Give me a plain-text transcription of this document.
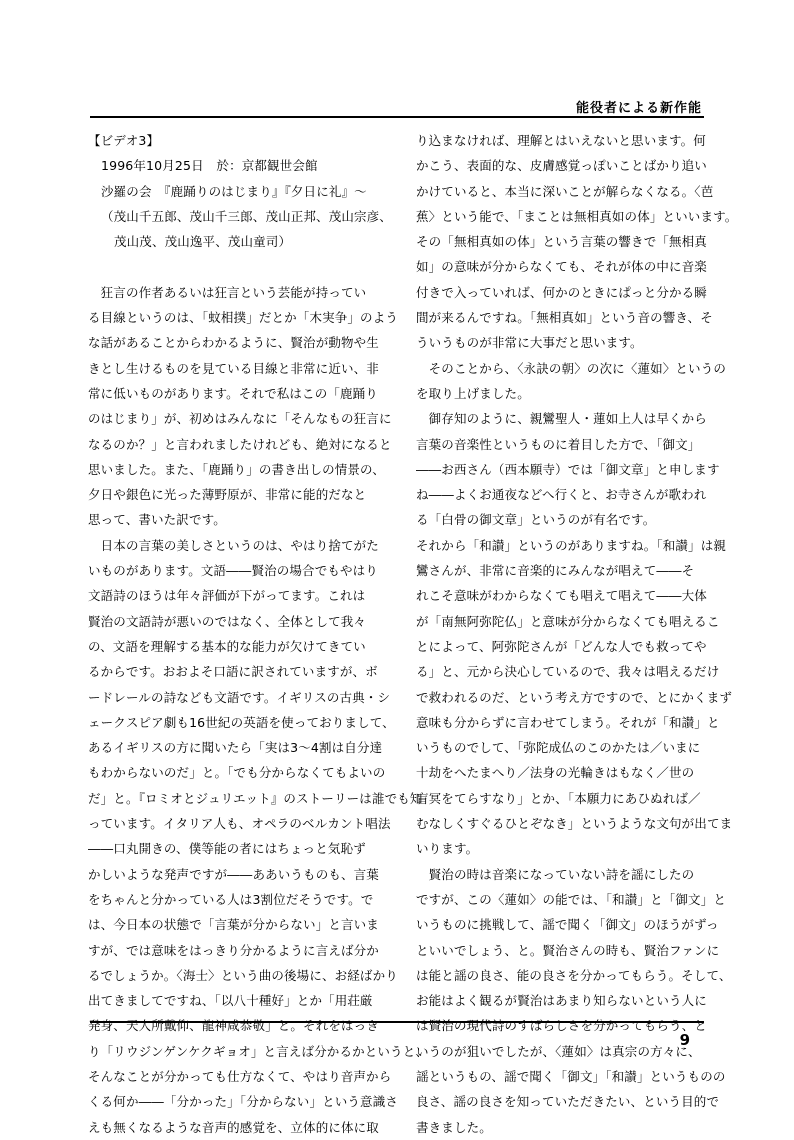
能役者による新作能
【ビデオ3】
1996年10月25日　於：京都観世会館
沙羅の会　『鹿踊りのはじまり』『夕日に礼』～
（茂山千五郎、茂山千三郎、茂山正邦、茂山宗彦、
茂山茂、茂山逸平、茂山童司）
　狂言の作者あるいは狂言という芸能が持ってい
る目線というのは、「蚊相撲」だとか「木実争」のよう
な話があることからわかるように、賢治が動物や生
きとし生けるものを見ている目線と非常に近い、非
常に低いものがあります。それで私はこの「鹿踊り
のはじまり」が、初めはみんなに「そんなもの狂言に
なるのか？」と言われましたけれども、絶対になると
思いました。また、「鹿踊り」の書き出しの情景の、
夕日や銀色に光った薄野原が、非常に能的だなと
思って、書いた訳です。
　日本の言葉の美しさというのは、やはり捨てがた
いものがあります。文語――賢治の場合でもやはり
文語詩のほうは年々評価が下がってます。これは
賢治の文語詩が悪いのではなく、全体として我々
の、文語を理解する基本的な能力が欠けてきてい
るからです。おおよそ口語に訳されていますが、ボ
ードレールの詩なども文語です。イギリスの古典・シ
ェークスピア劇も16世紀の英語を使っておりまして、
あるイギリスの方に聞いたら「実は3～4割は自分達
もわからないのだ」と。「でも分からなくてもよいの
だ」と。『ロミオとジュリエット』のストーリーは誰でも知
っています。イタリア人も、オペラのベルカント唱法
――口丸開きの、僕等能の者にはちょっと気恥ず
かしいような発声ですが――ああいうものも、言葉
をちゃんと分かっている人は3割位だそうです。で
は、今日本の状態で「言葉が分からない」と言いま
すが、では意味をはっきり分かるように言えば分か
るでしょうか。〈海士〉という曲の後場に、お経ばかり
出てきましてですね、「以八十種好」とか「用荘厳
発身、天人所戴仰、龍神咸恭敬」と。それをはっき
り「リウジンゲンケクギョオ」と言えば分かるかというと、
そんなことが分かっても仕方なくて、やはり音声から
くる何か――「分かった」「分からない」という意識さ
えも無くなるような音声的感覚を、立体的に体に取
り込まなければ、理解とはいえないと思います。何
かこう、表面的な、皮膚感覚っぽいことばかり追い
かけていると、本当に深いことが解らなくなる。〈芭
蕉〉という能で、「まことは無相真如の体」といいます。
その「無相真如の体」という言葉の響きで「無相真
如」の意味が分からなくても、それが体の中に音楽
付きで入っていれば、何かのときにぱっと分かる瞬
間が来るんですね。「無相真如」という音の響き、そ
ういうものが非常に大事だと思います。
　そのことから、〈永訣の朝〉の次に〈蓮如〉というの
を取り上げました。
　御存知のように、親鸞聖人・蓮如上人は早くから
言葉の音楽性というものに着目した方で、「御文」
――お西さん（西本願寺）では「御文章」と申します
ね――よくお通夜などへ行くと、お寺さんが歌われ
る「白骨の御文章」というのが有名です。
それから「和讃」というのがありますね。「和讃」は親
鸞さんが、非常に音楽的にみんなが唱えて――そ
れこそ意味がわからなくても唱えて唱えて――大体
が「南無阿弥陀仏」と意味が分からなくても唱えるこ
とによって、阿弥陀さんが「どんな人でも救ってや
る」と、元から決心しているので、我々は唱えるだけ
で救われるのだ、という考え方ですので、とにかくまず
意味も分からずに言わせてしまう。それが「和讃」と
いうものでして、「弥陀成仏のこのかたは／いまに
十劫をへたまへり／法身の光輪きはもなく／世の
盲冥をてらすなり」とか、「本願力にあひぬれば／
むなしくすぐるひとぞなき」というような文句が出てま
いります。
　賢治の時は音楽になっていない詩を謡にしたの
ですが、この〈蓮如〉の能では、「和讃」と「御文」と
いうものに挑戦して、謡で聞く「御文」のほうがずっ
といいでしょう、と。賢治さんの時も、賢治ファンに
は能と謡の良さ、能の良さを分かってもらう。そして、
お能はよく観るが賢治はあまり知らないという人に
は賢治の現代詩のすばらしさを分かってもらう、と
いうのが狙いでしたが、〈蓮如〉は真宗の方々に、
謡というもの、謡で聞く「御文」「和讃」というものの
良さ、謡の良さを知っていただきたい、という目的で
書きました。
9
